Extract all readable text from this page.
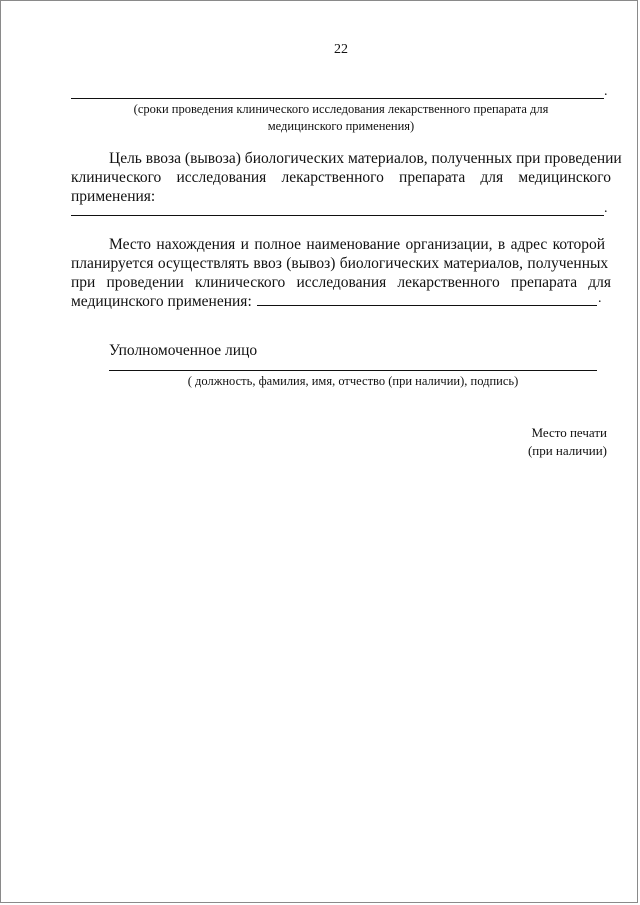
22
.
(сроки проведения клинического исследования лекарственного препарата для
медицинского применения)
Цель ввоза (вывоза) биологических материалов, полученных при проведении
клинического исследования лекарственного препарата для медицинского
применения:
.
Место нахождения и полное наименование организации, в адрес которой
планируется осуществлять ввоз (вывоз) биологических материалов, полученных
при проведении клинического исследования лекарственного препарата для
медицинского применения:	.
Уполномоченное лицо
( должность, фамилия, имя, отчество (при наличии), подпись)
Место печати
(при наличии)
